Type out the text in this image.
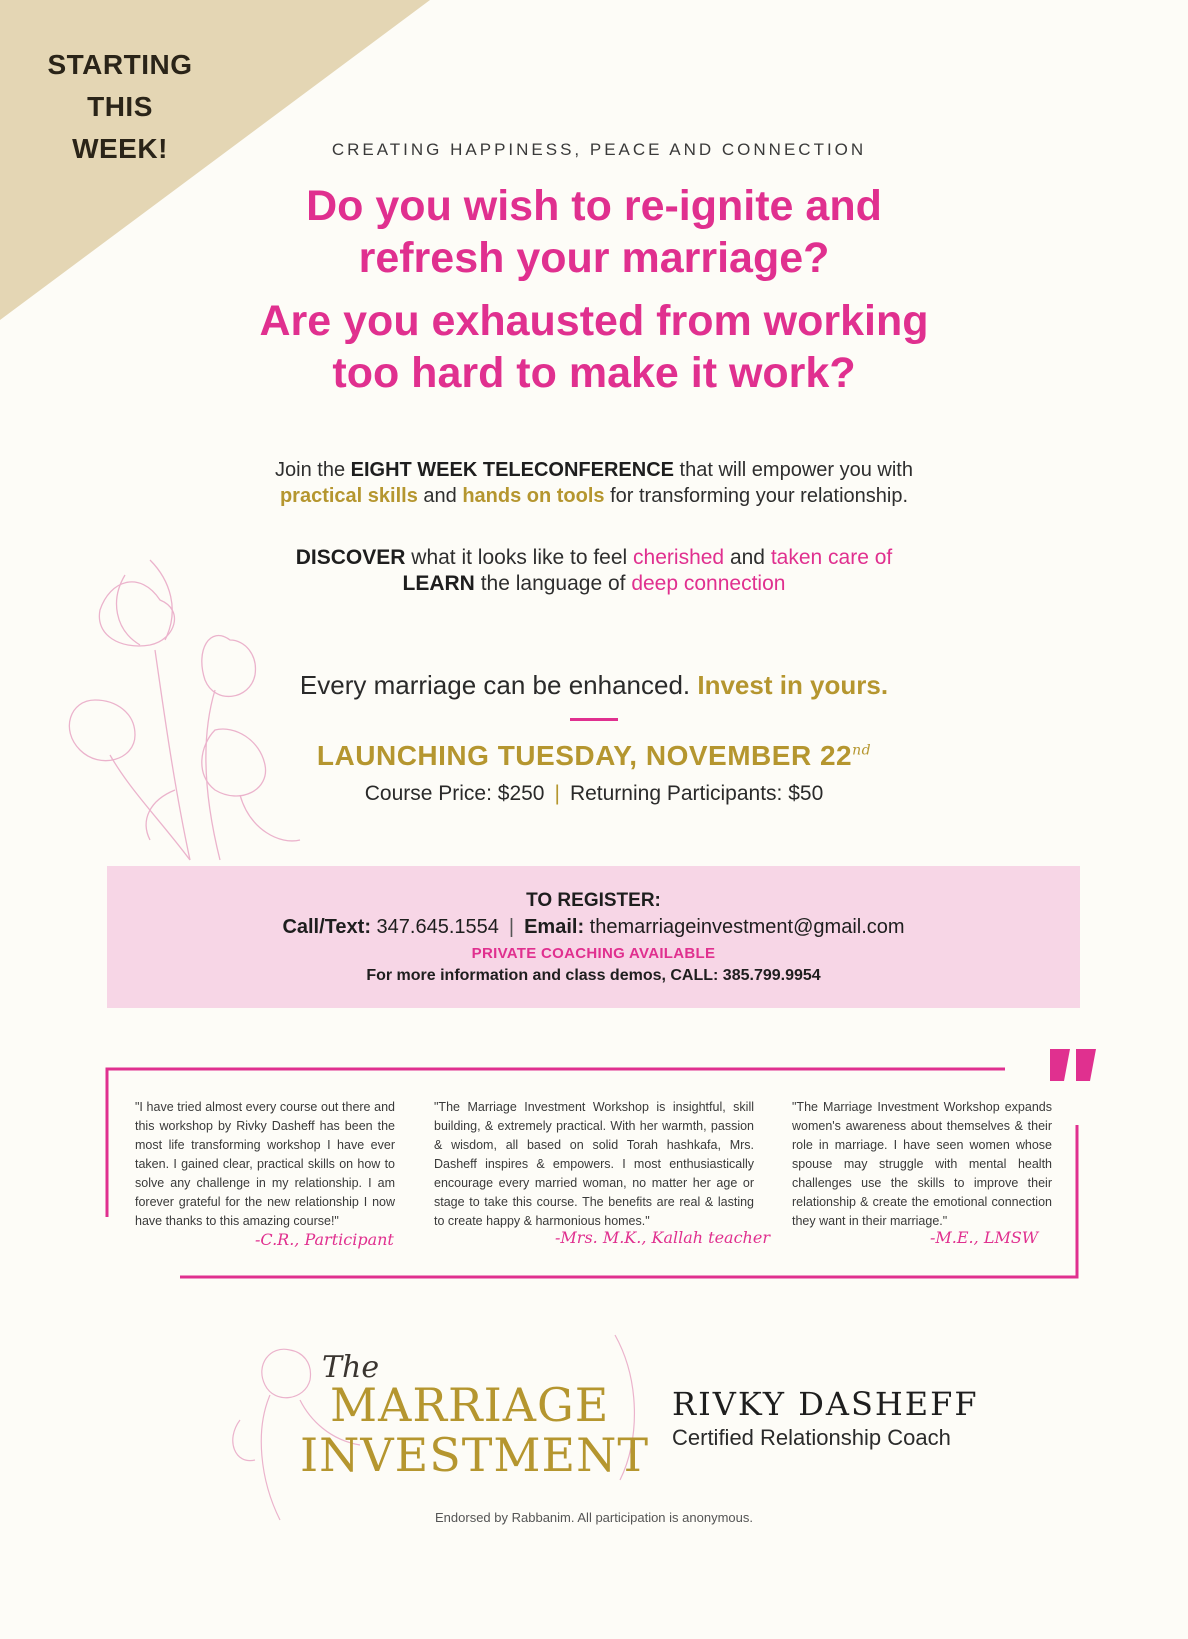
STARTING
THIS
WEEK!	CREATING HAPPINESS, PEACE AND CONNECTION
Do you wish to re-ignite and
refresh your marriage?
Are you exhausted from working
too hard to make it work?
Join the EIGHT WEEK TELECONFERENCE that will empower you with
practical skills and hands on tools for transforming your relationship.
DISCOVER what it looks like to feel cherished and taken care of
LEARN the language of deep connection
Every marriage can be enhanced. Invest in yours.
LAUNCHING TUESDAY, NOVEMBER 22nd
Course Price: $250 | Returning Participants: $50
TO REGISTER:
Call/Text: 347.645.1554 | Email: themarriageinvestment@gmail.com
PRIVATE COACHING AVAILABLE
For more information and class demos, CALL: 385.799.9954
"I have tried almost every course out there and this workshop by Rivky Dasheff has been the most life transforming workshop I have ever taken. I gained clear, practical skills on how to solve any challenge in my relationship. I am forever grateful for the new relationship I now have thanks to this amazing course!"
"The Marriage Investment Workshop is insightful, skill building, & extremely practical. With her warmth, passion & wisdom, all based on solid Torah hashkafa, Mrs. Dasheff inspires & empowers. I most enthusiastically encourage every married woman, no matter her age or stage to take this course. The benefits are real & lasting to create happy & harmonious homes."
"The Marriage Investment Workshop expands women's awareness about themselves & their role in marriage. I have seen women whose spouse may struggle with mental health challenges use the skills to improve their relationship & create the emotional connection they want in their marriage."
-C.R., Participant	-Mrs. M.K., Kallah teacher	-M.E., LMSW
The
MARRIAGE
INVESTMENT
RIVKY DASHEFF
Certified Relationship Coach
Endorsed by Rabbanim. All participation is anonymous.
